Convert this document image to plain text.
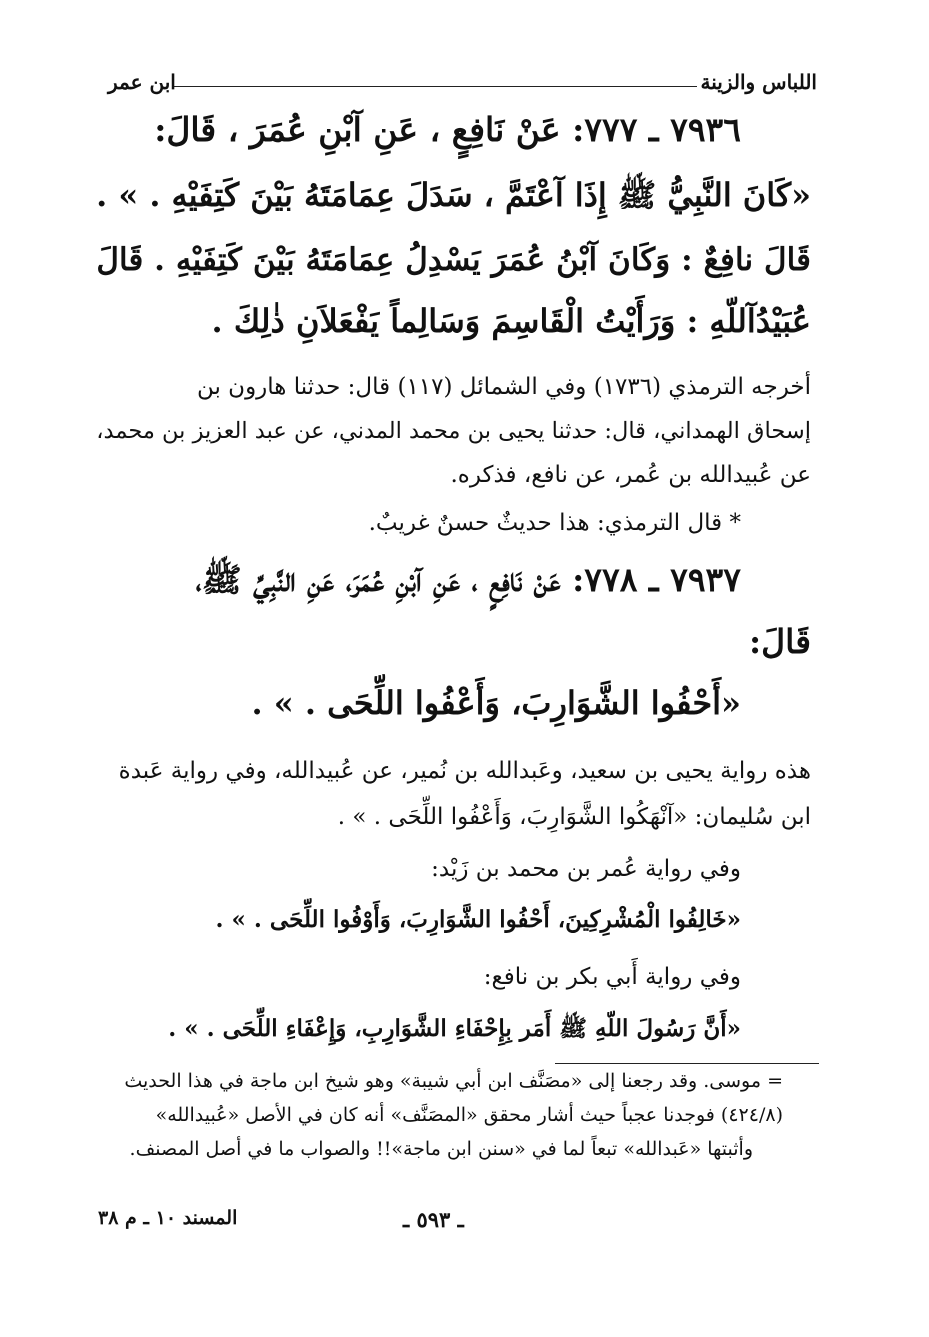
اللباس والزينة
ابن عمر
٧٩٣٦ ـ ٧٧٧: عَنْ نَافِعٍ ، عَنِ آبْنِ عُمَرَ ، قَالَ:
«كَانَ النَّبِيُّ ﷺ إِذَا آعْتَمَّ ، سَدَلَ عِمَامَتَهُ بَيْنَ كَتِفَيْهِ . » .
قَالَ نافِعٌ : وَكَانَ آبْنُ عُمَرَ يَسْدِلُ عِمَامَتَهُ بَيْنَ كَتِفَيْهِ . قَالَ
عُبَيْدُآللّهِ : وَرَأَيْتُ الْقَاسِمَ وَسَالِماً يَفْعَلاَنِ ذٰلِكَ .
أخرجه الترمذي (١٧٣٦) وفي الشمائل (١١٧) قال: حدثنا هارون بن
إسحاق الهمداني، قال: حدثنا يحيى بن محمد المدني، عن عبد العزيز بن محمد،
عن عُبيدالله بن عُمر، عن نافع، فذكره.
* قال الترمذي: هذا حديثٌ حسنٌ غريبٌ.
٧٩٣٧ ـ ٧٧٨: عَنْ نَافِعٍ ، عَنِ آبْنِ عُمَرَ، عَنِ النَّبِيِّ ﷺ،
قَالَ:
«أَحْفُوا الشَّوَارِبَ، وَأَعْفُوا اللِّحَى . » .
هذه رواية يحيى بن سعيد، وعَبدالله بن نُمير، عن عُبيدالله، وفي رواية عَبدة
ابن سُليمان: «آنْهَكُوا الشَّوَارِبَ، وَأَعْفُوا اللِّحَى . » .
وفي رواية عُمر بن محمد بن زَيْد:
«خَالِفُوا الْمُشْرِكِينَ، أَحْفُوا الشَّوَارِبَ، وَأَوْفُوا اللِّحَى . » .
وفي رواية أَبي بكر بن نافع:
«أَنَّ رَسُولَ اللّهِ ﷺ أَمَر بِإِحْفَاءِ الشَّوَارِبِ، وَإِعْفَاءِ اللِّحَى . » .
= موسى. وقد رجعنا إلى «مصَنَّف ابن أبي شيبة» وهو شيخ ابن ماجة في هذا الحديث
(٤٢٤/٨) فوجدنا عجباً حيث أشار محقق «المصَنَّف» أنه كان في الأصل «عُبيدالله»
وأثبتها «عَبدالله» تبعاً لما في «سنن ابن ماجة»!! والصواب ما في أصل المصنف.
المسند ١٠ ـ م ٣٨	ـ ٥٩٣ ـ
